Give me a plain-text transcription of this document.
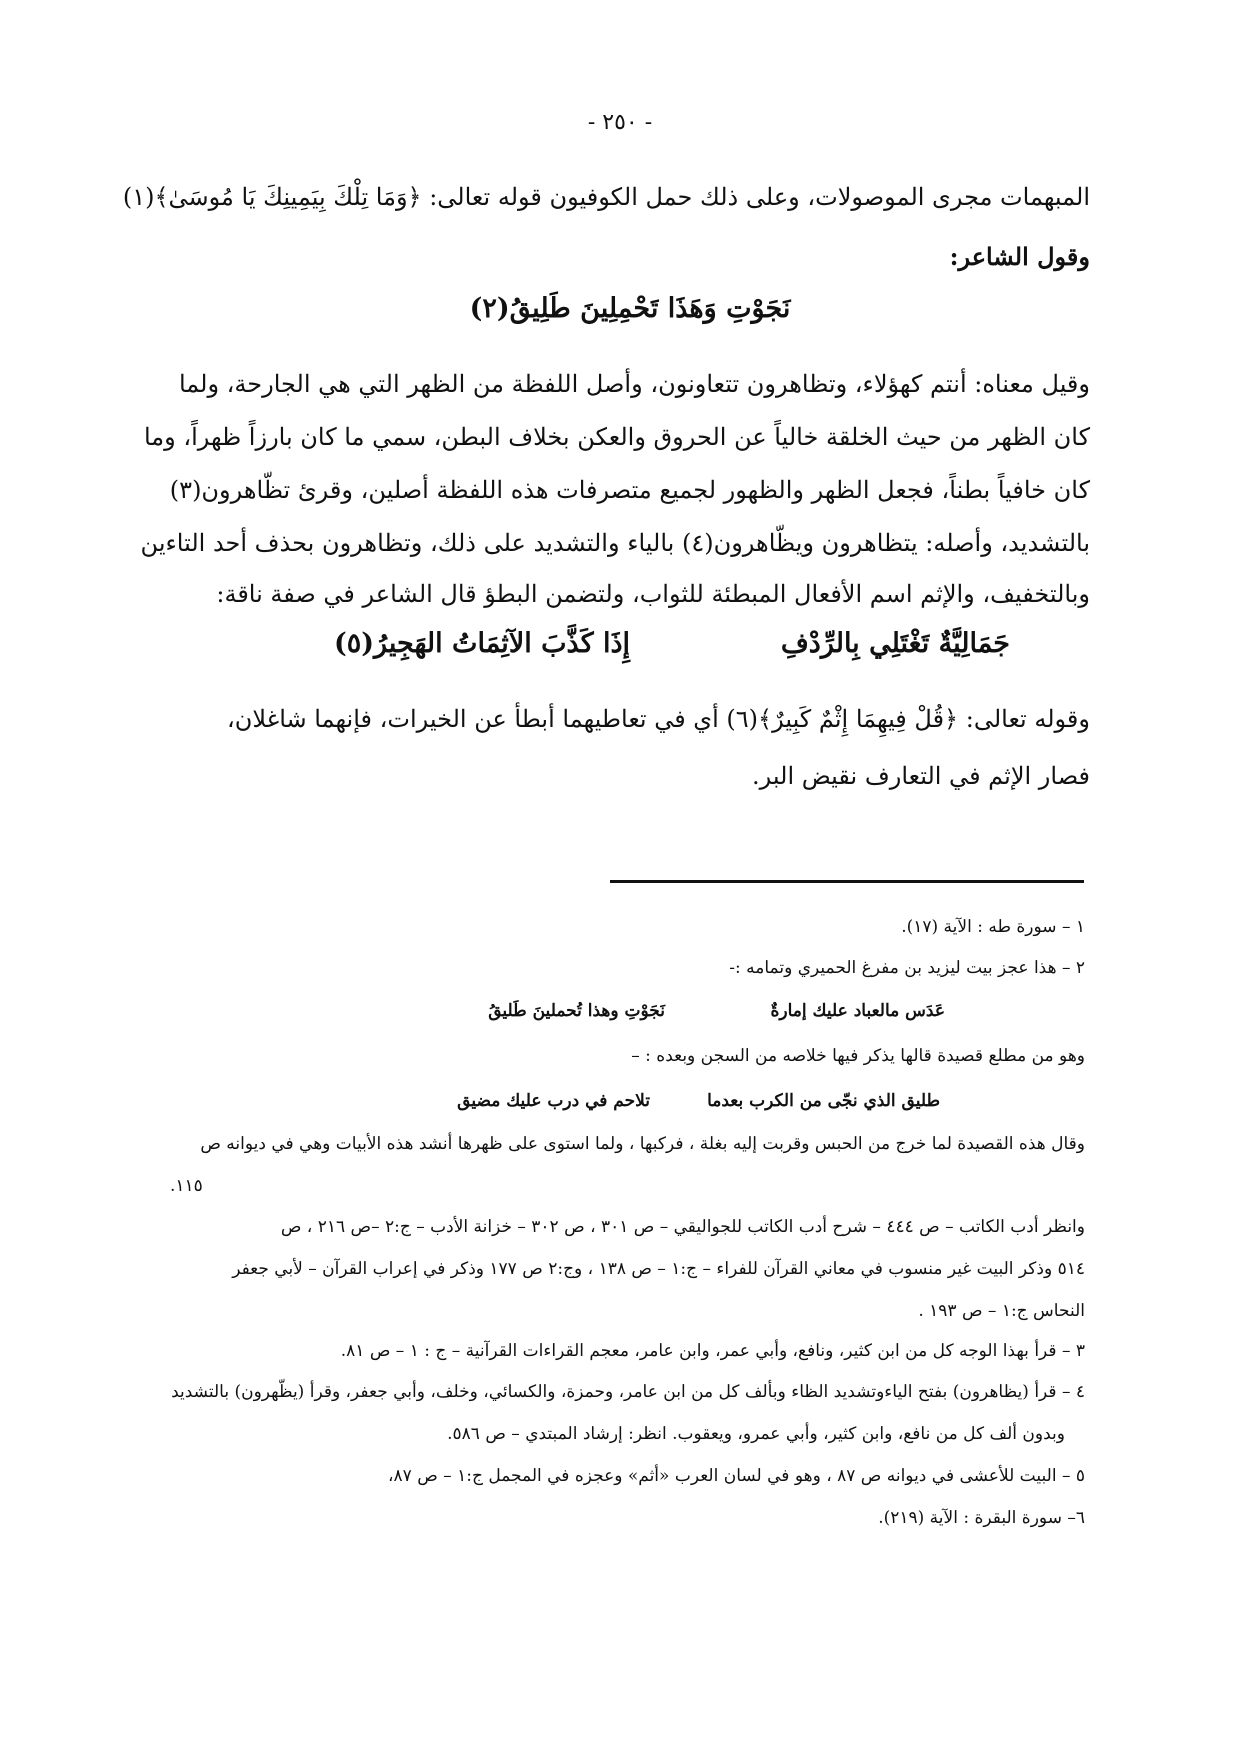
- ٢٥٠ -
المبهمات مجرى الموصولات، وعلى ذلك حمل الكوفيون قوله تعالى: ﴿وَمَا تِلْكَ بِيَمِينِكَ يَا مُوسَىٰ﴾(١)
وقول الشاعر:
نَجَوْتِ وَهَذَا تَحْمِلِينَ طَلِيقُ(٢)
وقيل معناه: أنتم كهؤلاء، وتظاهرون تتعاونون، وأصل اللفظة من الظهر التي هي الجارحة، ولما
كان الظهر من حيث الخلقة خالياً عن الحروق والعكن بخلاف البطن، سمي ما كان بارزاً ظهراً، وما
كان خافياً بطناً، فجعل الظهر والظهور لجميع متصرفات هذه اللفظة أصلين، وقرئ تظّاهرون(٣)
بالتشديد، وأصله: يتظاهرون ويظّاهرون(٤) بالياء والتشديد على ذلك، وتظاهرون بحذف أحد التاءين
وبالتخفيف، والإثم اسم الأفعال المبطئة للثواب، ولتضمن البطؤ قال الشاعر في صفة ناقة:
جَمَالِيَّةٌ تَغْتَلِي بِالرِّدْفِ
إِذَا كَذَّبَ الآثِمَاتُ الهَجِيرُ(٥)
وقوله تعالى: ﴿قُلْ فِيهِمَا إِثْمٌ كَبِيرٌ﴾(٦) أي في تعاطيهما أبطأ عن الخيرات، فإنهما شاغلان،
فصار الإثم في التعارف نقيض البر.
١ – سورة طه : الآية (١٧).
٢ – هذا عجز بيت ليزيد بن مفرغ الحميري وتمامه :-
عَدَس مالعباد عليك إمارةٌ
نَجَوْتِ وهذا تُحملينَ طَليقُ
وهو من مطلع قصيدة قالها يذكر فيها خلاصه من السجن وبعده : –
طليق الذي نجّى من الكرب بعدما
تلاحم في درب عليك مضيق
وقال هذه القصيدة لما خرج من الحبس وقربت إليه بغلة ، فركبها ، ولما استوى على ظهرها أنشد هذه الأبيات وهي في ديوانه ص
١١٥.
وانظر أدب الكاتب – ص ٤٤٤ – شرح أدب الكاتب للجواليقي – ص ٣٠١ ، ص ٣٠٢ – خزانة الأدب – ج:٢ –ص ٢١٦ ، ص
٥١٤ وذكر البيت غير منسوب في معاني القرآن للفراء – ج:١ – ص ١٣٨ ، وج:٢ ص ١٧٧ وذكر في إعراب القرآن – لأبي جعفر
النحاس ج:١ – ص ١٩٣ .
٣ – قرأ بهذا الوجه كل من ابن كثير، ونافع، وأبي عمر، وابن عامر، معجم القراءات القرآنية – ج : ١ – ص ٨١.
٤ – قرأ (يظاهرون) بفتح الياءوتشديد الظاء وبألف كل من ابن عامر، وحمزة، والكسائي، وخلف، وأبي جعفر، وقرأ (يظّهرون) بالتشديد
وبدون ألف كل من نافع، وابن كثير، وأبي عمرو، ويعقوب. انظر: إرشاد المبتدي – ص ٥٨٦.
٥ – البيت للأعشى في ديوانه ص ٨٧ ، وهو في لسان العرب «أثم» وعجزه في المجمل ج:١ – ص ٨٧،
٦– سورة البقرة : الآية (٢١٩).
